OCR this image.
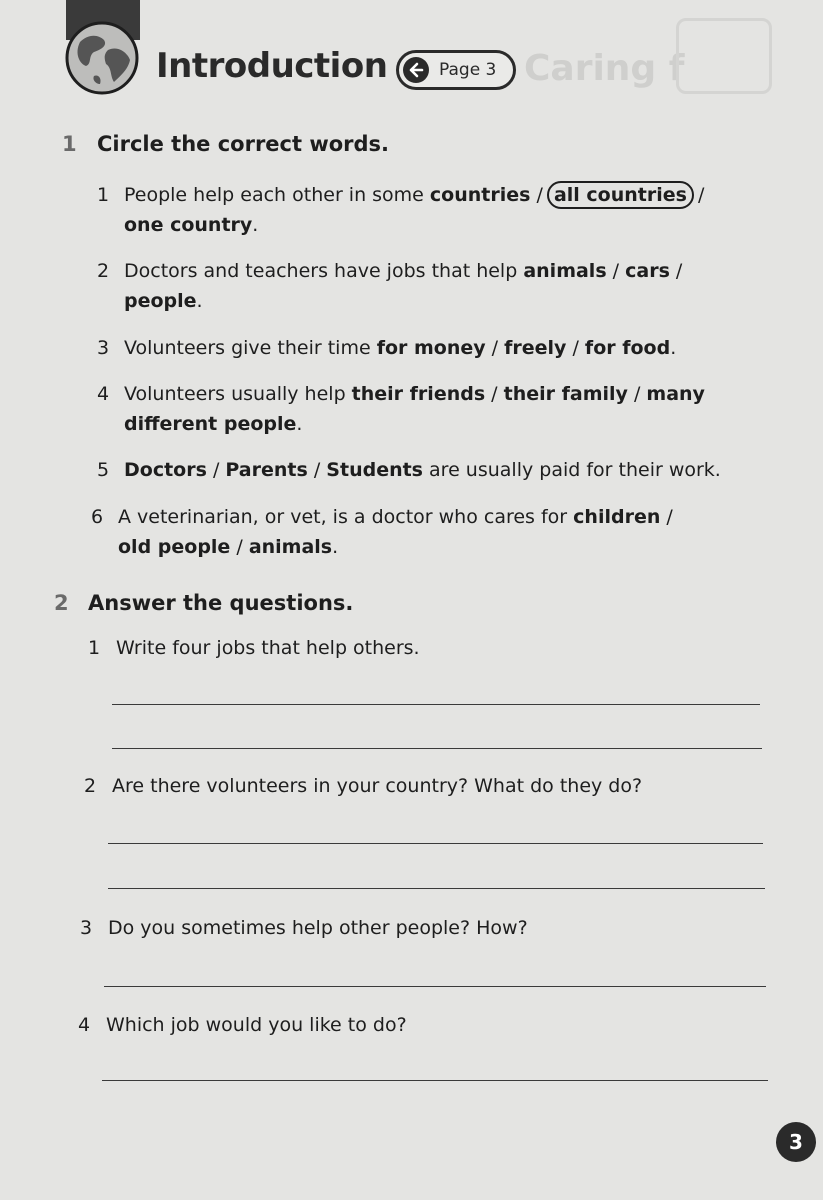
Caring f
Introduction	Page 3
1 Circle the correct words.
1 People help each other in some countries / all countries /
one country.
2 Doctors and teachers have jobs that help animals / cars /
people.
3 Volunteers give their time for money / freely / for food.
4 Volunteers usually help their friends / their family / many
different people.
5 Doctors / Parents / Students are usually paid for their work.
6 A veterinarian, or vet, is a doctor who cares for children /
old people / animals.
2 Answer the questions.
1 Write four jobs that help others.
2 Are there volunteers in your country? What do they do?
3 Do you sometimes help other people? How?
4 Which job would you like to do?
3
